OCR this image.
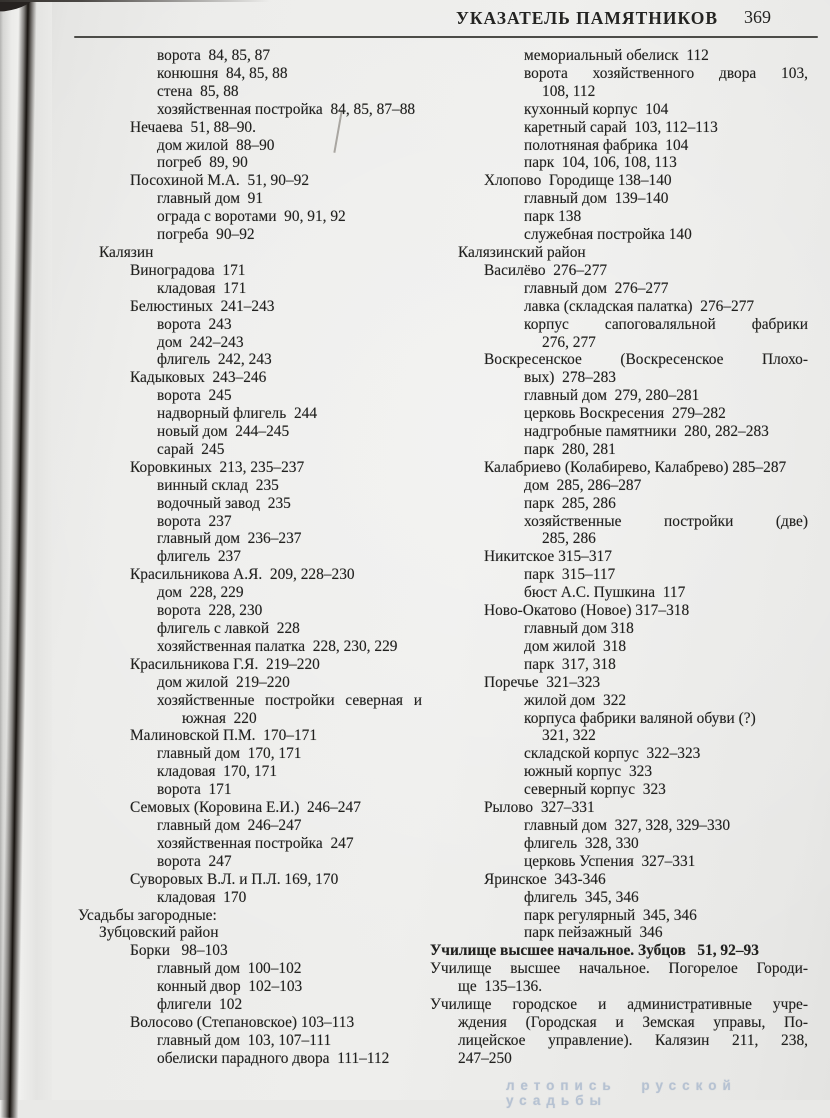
УКАЗАТЕЛЬ ПАМЯТНИКОВ 369
ворота  84, 85, 87
конюшня  84, 85, 88
стена  85, 88
хозяйственная постройка  84, 85, 87–88
Нечаева  51, 88–90.
дом жилой  88–90
погреб  89, 90
Посохиной М.А.  51, 90–92
главный дом  91
ограда с воротами  90, 91, 92
погреба  90–92
Калязин
Виноградова  171
кладовая  171
Белюстиных  241–243
ворота  243
дом  242–243
флигель  242, 243
Кадыковых  243–246
ворота  245
надворный флигель  244
новый дом  244–245
сарай  245
Коровкиных  213, 235–237
винный склад  235
водочный завод  235
ворота  237
главный дом  236–237
флигель  237
Красильникова А.Я.  209, 228–230
дом  228, 229
ворота  228, 230
флигель с лавкой  228
хозяйственная палатка  228, 230, 229
Красильникова Г.Я.  219–220
дом жилой  219–220
хозяйственные постройки северная и
южная  220
Малиновской П.М.  170–171
главный дом  170, 171
кладовая  170, 171
ворота  171
Семовых (Коровина Е.И.)  246–247
главный дом  246–247
хозяйственная постройка  247
ворота  247
Суворовых В.Л. и П.Л. 169, 170
кладовая  170
Усадьбы загородные:
Зубцовский район
Борки   98–103
главный дом  100–102
конный двор  102–103
флигели  102
Волосово (Степановское) 103–113
главный дом  103, 107–111
обелиски парадного двора  111–112
мемориальный обелиск  112
ворота хозяйственного двора 103,
108, 112
кухонный корпус  104
каретный сарай  103, 112–113
полотняная фабрика  104
парк  104, 106, 108, 113
Хлопово  Городище 138–140
главный дом  139–140
парк 138
служебная постройка 140
Калязинский район
Василёво  276–277
главный дом  276–277
лавка (складская палатка)  276–277
корпус сапоговаляльной фабрики
276, 277
Воскресенское (Воскресенское Плохо-
вых)  278–283
главный дом  279, 280–281
церковь Воскресения  279–282
надгробные памятники  280, 282–283
парк  280, 281
Калабриево (Колабирево, Калабрево) 285–287
дом  285, 286–287
парк  285, 286
хозяйственные постройки (две)
285, 286
Никитское 315–317
парк  315–117
бюст А.С. Пушкина  117
Ново-Окатово (Новое) 317–318
главный дом 318
дом жилой  318
парк  317, 318
Поречье  321–323
жилой дом  322
корпуса фабрики валяной обуви (?)
321, 322
складской корпус  322–323
южный корпус  323
северный корпус  323
Рылово  327–331
главный дом  327, 328, 329–330
флигель  328, 330
церковь Успения  327–331
Яринское  343-346
флигель  345, 346
парк регулярный  345, 346
парк пейзажный  346
Училище высшее начальное. Зубцов   51, 92–93
Училище высшее начальное. Погорелое Городи-
ще  135–136.
Училище городское и административные учре-
ждения (Городская и Земская управы, По-
лицейское управление). Калязин 211, 238,
247–250
летопись русской усадьбы
